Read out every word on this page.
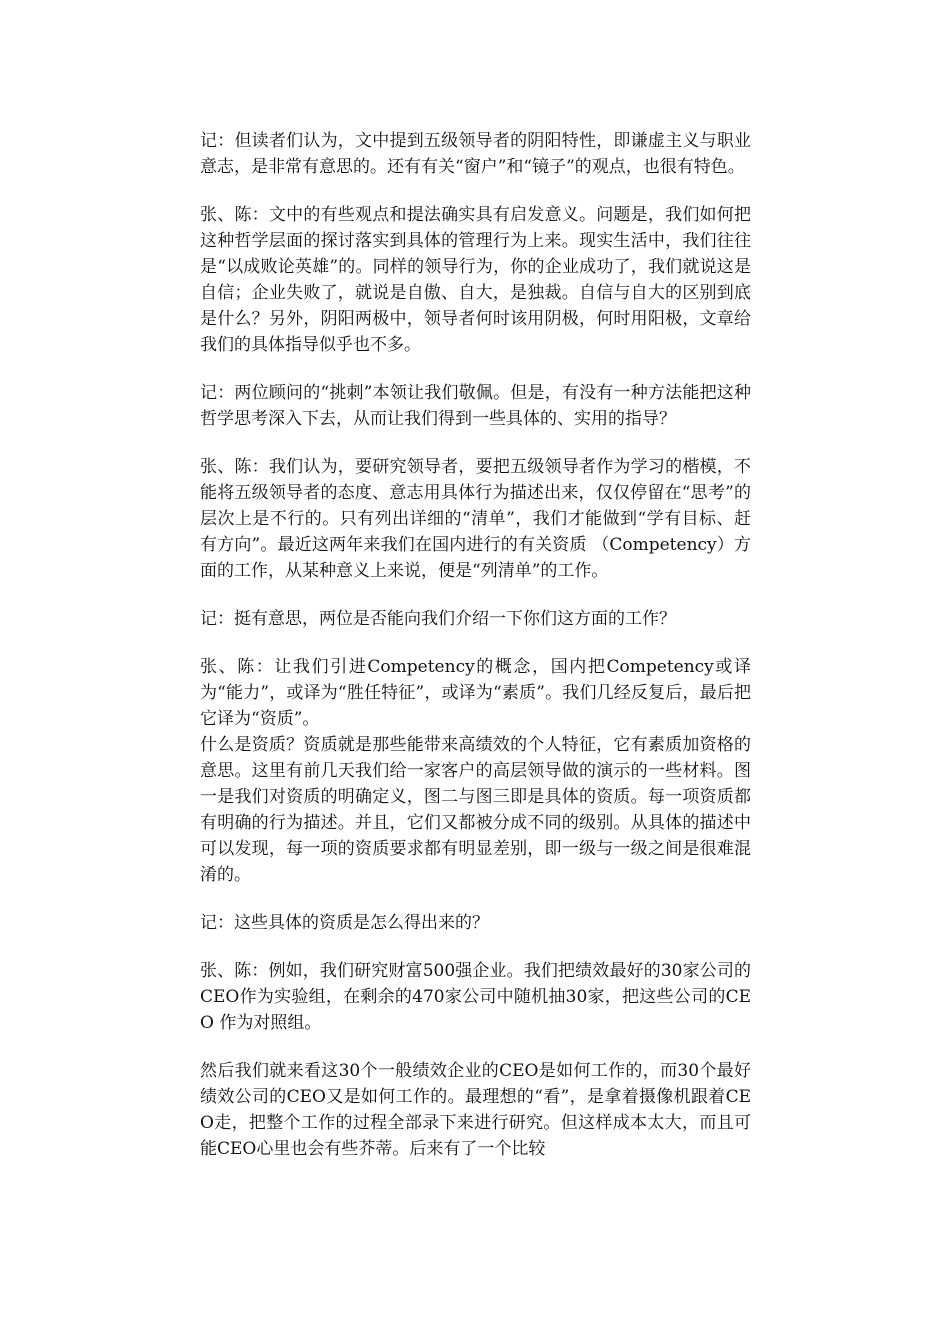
记：但读者们认为，文中提到五级领导者的阴阳特性，即谦虚主义与职业意志，是非常有意思的。还有有关“窗户”和“镜子”的观点，也很有特色。

张、陈：文中的有些观点和提法确实具有启发意义。问题是，我们如何把这种哲学层面的探讨落实到具体的管理行为上来。现实生活中，我们往往是“以成败论英雄”的。同样的领导行为，你的企业成功了，我们就说这是自信；企业失败了，就说是自傲、自大，是独裁。自信与自大的区别到底是什么？另外，阴阳两极中，领导者何时该用阴极，何时用阳极，文章给我们的具体指导似乎也不多。

记：两位顾问的“挑刺”本领让我们敬佩。但是，有没有一种方法能把这种哲学思考深入下去，从而让我们得到一些具体的、实用的指导？

张、陈：我们认为，要研究领导者，要把五级领导者作为学习的楷模，不能将五级领导者的态度、意志用具体行为描述出来，仅仅停留在“思考”的层次上是不行的。只有列出详细的“清单”，我们才能做到“学有目标、赶有方向”。最近这两年来我们在国内进行的有关资质 （Competency）方面的工作，从某种意义上来说，便是“列清单”的工作。

记：挺有意思，两位是否能向我们介绍一下你们这方面的工作？

张、陈：让我们引进Competency的概念，国内把Competency或译为“能力”，或译为“胜任特征”，或译为“素质”。我们几经反复后，最后把它译为“资质”。

什么是资质？资质就是那些能带来高绩效的个人特征，它有素质加资格的意思。这里有前几天我们给一家客户的高层领导做的演示的一些材料。图一是我们对资质的明确定义，图二与图三即是具体的资质。每一项资质都有明确的行为描述。并且，它们又都被分成不同的级别。从具体的描述中可以发现，每一项的资质要求都有明显差别，即一级与一级之间是很难混淆的。

记：这些具体的资质是怎么得出来的？

张、陈：例如，我们研究财富500强企业。我们把绩效最好的30家公司的CEO作为实验组，在剩余的470家公司中随机抽30家，把这些公司的CEO 作为对照组。

然后我们就来看这30个一般绩效企业的CEO是如何工作的，而30个最好绩效公司的CEO又是如何工作的。最理想的“看”，是拿着摄像机跟着CEO走，把整个工作的过程全部录下来进行研究。但这样成本太大，而且可能CEO心里也会有些芥蒂。后来有了一个比较
